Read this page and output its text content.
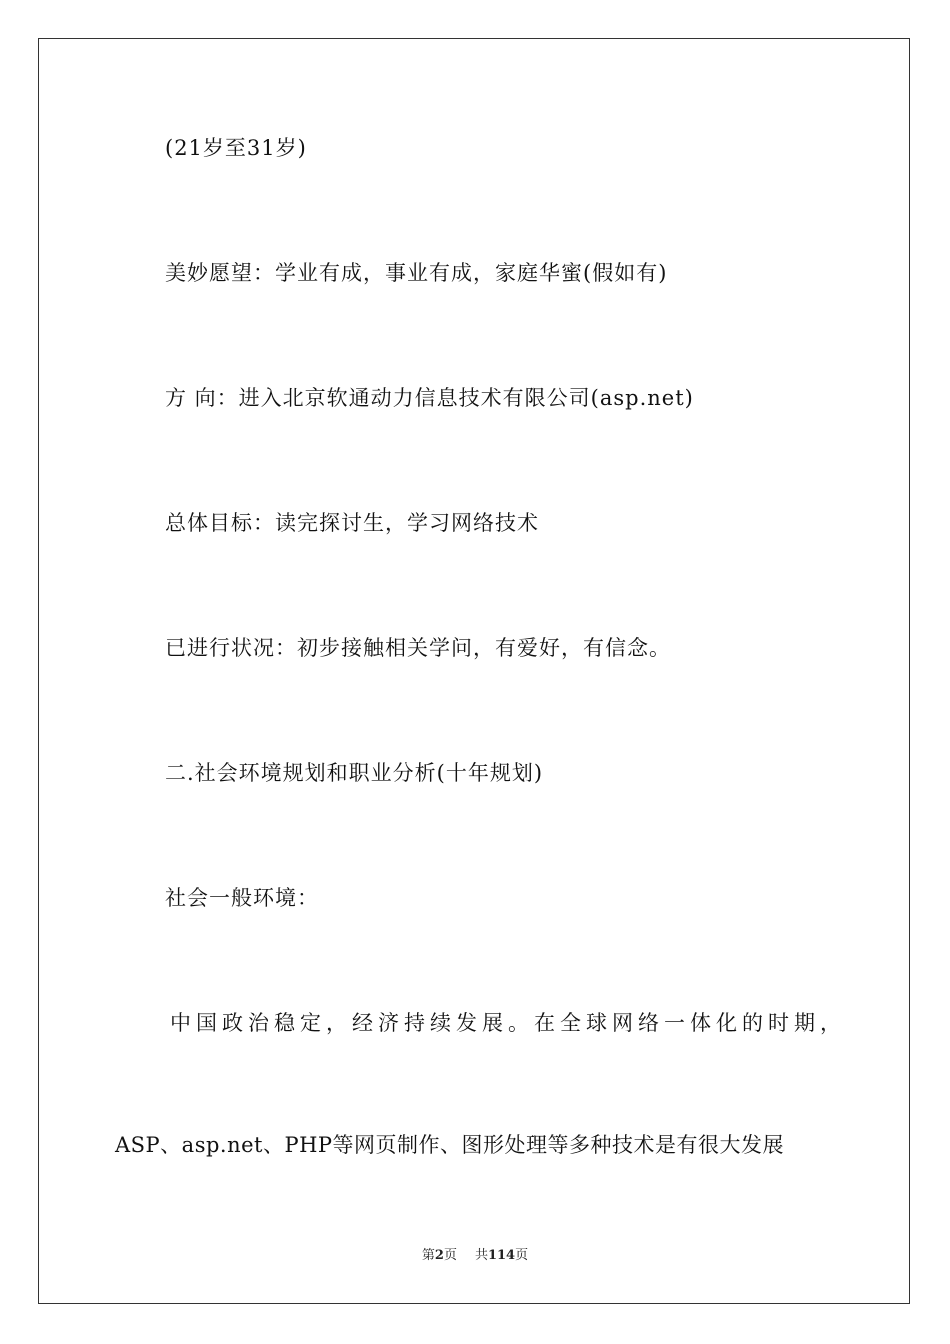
(21岁至31岁)
美妙愿望：学业有成，事业有成，家庭华蜜(假如有)
方 向：进入北京软通动力信息技术有限公司(asp.net)
总体目标：读完探讨生，学习网络技术
已进行状况：初步接触相关学问，有爱好，有信念。
二.社会环境规划和职业分析(十年规划)
社会一般环境：
中国政治稳定，经济持续发展。在全球网络一体化的时期，
ASP、asp.net、PHP等网页制作、图形处理等多种技术是有很大发展
第2页 共114页
